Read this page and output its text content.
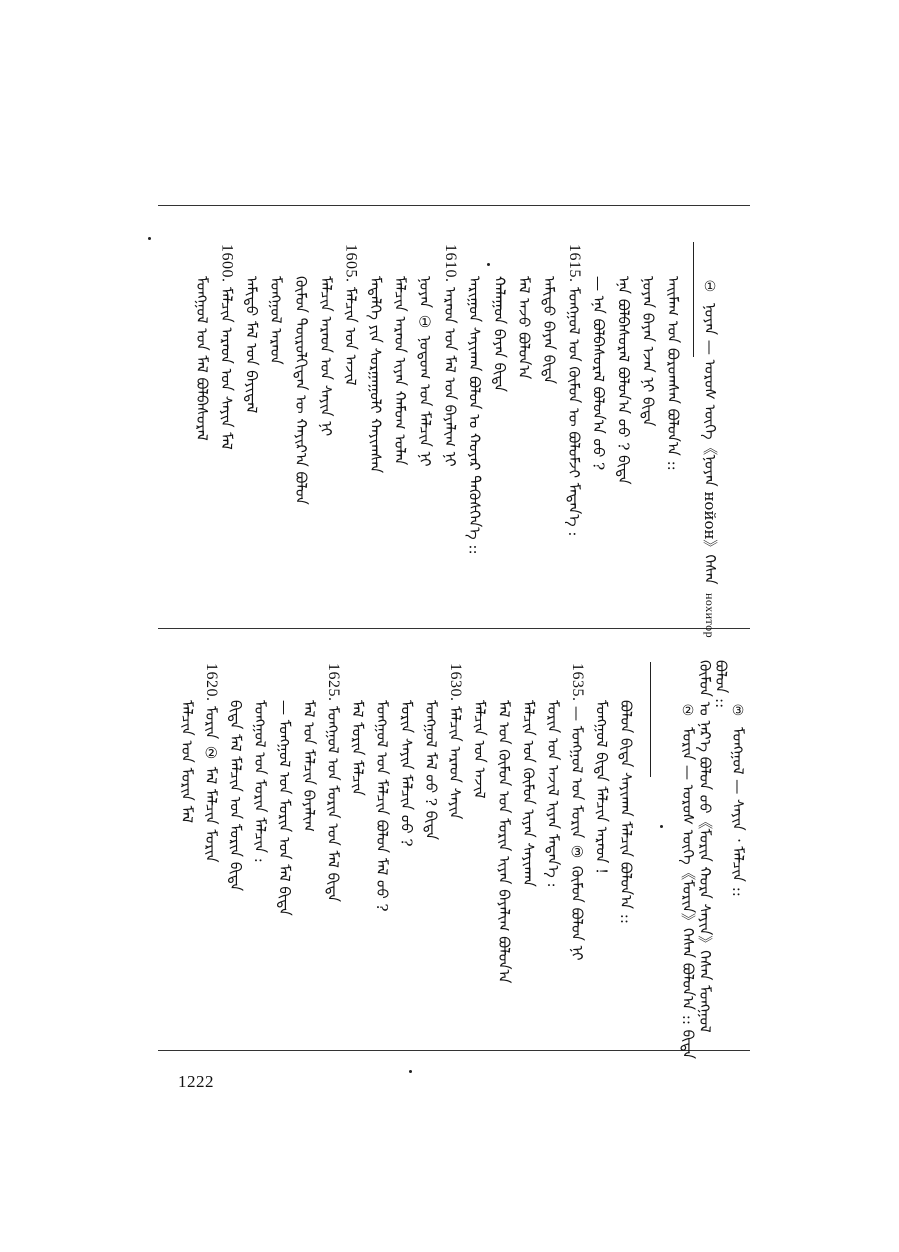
ᠠᠢᠮᠠᠭ ᠤᠨ ᠪᠣᠷᠣᠭᠰᠠᠨ ᠪᠣᠯᠤᠨ᠎ᠠ ::
ᠨᠣᠶᠠᠨ ᠪᠠᠶᠠᠨ ᠡᠵᠡᠨ ᠨᠢ ᠪᠢᠳᠡ
ᠡᠨᠡ ᠪᠣᠯᠪᠠᠰᠤᠷᠠᠯ ᠪᠣᠯᠤᠨ᠎ᠠ ᠤᠤ ? ᠪᠢᠳᠡ
— ᠡᠨᠡ ᠪᠣᠯᠪᠠᠰᠤᠷᠠᠯ ᠪᠣᠯᠤᠨ᠎ᠠ ᠤᠤ ?
1615.ᠮᠣᠩᠭᠣᠯ ᠤᠨ ᠬᠦᠮᠦᠨ ᠦ ᠪᠣᠯᠤᠮᠵᠢ ᠮᠡᠳᠡᠨ᠎ᠡ :
ᠠᠮᠢᠳᠤ ᠪᠠᠶᠠᠨ ᠪᠢᠳᠡ
ᠮᠠᠯ ᠠᠵᠤ ᠪᠣᠯᠤᠨ᠎ᠠ
ᠬᠠᠯᠠᠭᠤᠨ ᠪᠠᠶᠠᠨ ᠪᠢᠳᠡ
ᠠᠷᠢᠭᠤᠨ ᠰᠠᠶᠢᠬᠠᠨ ᠪᠣᠯᠤᠨ ᠤ ᠬᠣᠶᠠᠷ ᠲᠡᠭᠦᠰᠬᠡᠨ᠎ᠡ ::
1610.ᠠᠷᠠᠳ ᠤᠨ ᠮᠠᠯ ᠤᠨ ᠪᠠᠶᠠᠯᠢᠭ ᠨᠢ
ᠨᠣᠶᠠᠨ ① ᠨᠤᠲᠤᠭ ᠤᠨ ᠮᠠᠯᠴᠢᠨ ᠨᠢ
ᠮᠠᠯᠴᠢᠨ ᠠᠷᠠᠳ ᠢᠶᠠᠨ ᠬᠠᠮᠤᠭ ᠣᠯᠠᠨ
ᠮᠡᠳᠡᠯᠭᠡ ᠶᠢᠨ ᠰᠤᠷᠭᠠᠭᠤᠯᠢ ᠬᠠᠶᠢᠭᠰᠠᠨ
1605.ᠮᠠᠯᠴᠢᠨ ᠤᠨ ᠠᠵᠢᠯ
ᠮᠠᠯᠴᠢᠨ ᠠᠷᠠᠳ ᠤᠨ ᠰᠠᠶᠢᠨ ᠨᠢ
ᠬᠦᠮᠦᠨ ᠲᠦᠷᠦᠯᠬᠢᠲᠡᠨ ᠦ ᠬᠠᠶᠢᠷ᠎ᠠ ᠪᠣᠯᠤᠨ
ᠮᠣᠩᠭᠣᠯ ᠠᠷᠠᠳ
ᠠᠮᠢᠳᠤ ᠮᠠᠯ ᠤᠨ ᠪᠠᠶᠢᠳᠠᠯ
1600.ᠮᠠᠯᠴᠢᠨ ᠠᠷᠠᠳ ᠤᠨ ᠰᠠᠶᠢᠨ ᠮᠠᠯ
ᠮᠣᠩᠭᠣᠯ ᠤᠨ ᠮᠠᠯ ᠪᠣᠯᠪᠠᠰᠤᠷᠠᠯ	① ᠨᠣᠶᠠᠨ — ᠣᠷᠣᠰ ᠦᠭᠡ《ᠨᠣᠶᠠᠨ нойон》ᠭᠡᠰᠡᠨ нохитор
③ ᠮᠣᠩᠭᠣᠯ — ᠰᠠᠶᠢᠨ ᠂ ᠮᠠᠯᠴᠢᠨ ::
ᠬᠦᠮᠦᠨ ᠤ ᠨᠡᠷ᠎ᠡ ᠪᠣᠯᠤᠨ ᠤᠤ《ᠮᠣᠷᠢᠨ ᠬᠤᠷᠠ ᠰᠠᠶᠢᠨ》ᠭᠡᠰᠡᠨ ᠮᠣᠩᠭᠣᠯ
ᠪᠣᠯᠤᠨ ::
② ᠮᠣᠷᠢᠨ — ᠣᠷᠣᠰ ᠦᠭᠡ《ᠮᠣᠷᠢᠨ》ᠭᠡᠰᠡᠨ ᠪᠣᠯᠤᠨ᠎ᠠ :: ᠪᠢᠳᠡ
ᠪᠣᠯᠤᠨ ᠪᠢᠳᠡ ᠰᠠᠶᠢᠬᠠᠨ ᠮᠠᠯᠴᠢᠨ ᠪᠣᠯᠤᠨ᠎ᠠ ::
ᠮᠣᠩᠭᠣᠯ ᠪᠢᠳᠡ ᠮᠠᠯᠴᠢᠨ ᠠᠷᠠᠳ !
1635.— ᠮᠣᠩᠭᠣᠯ ᠤᠨ ᠮᠣᠷᠢᠨ ③ ᠬᠦᠮᠦᠨ ᠪᠣᠯᠤᠨ ᠨᠢ
ᠮᠣᠷᠢᠨ ᠤᠨ ᠠᠵᠢᠯ ᠢᠶᠠᠨ ᠮᠡᠳᠡᠨ᠎ᠡ :
ᠮᠠᠯᠴᠢᠨ ᠤᠨ ᠬᠦᠮᠦᠨ ᠢᠶᠠᠨ ᠰᠠᠶᠢᠬᠠᠨ
ᠮᠠᠯ ᠤᠨ ᠬᠦᠮᠦᠨ ᠤᠨ ᠮᠣᠷᠢᠨ ᠢᠶᠠᠨ ᠪᠠᠶᠠᠯᠢᠭ ᠪᠣᠯᠤᠨ᠎ᠠ
ᠮᠠᠯᠴᠢᠨ ᠤᠨ ᠠᠵᠢᠯ
1630.ᠮᠠᠯᠴᠢᠨ ᠠᠷᠠᠳ ᠰᠠᠶᠢᠨ
ᠮᠣᠩᠭᠣᠯ ᠮᠠᠯ ᠤᠤ ? ᠪᠢᠳᠡ
ᠮᠣᠷᠢᠨ ᠰᠠᠶᠢᠨ ᠮᠠᠯᠴᠢᠨ ᠤᠤ ?
ᠮᠣᠩᠭᠣᠯ ᠤᠨ ᠮᠠᠯᠴᠢᠨ ᠪᠣᠯᠤᠨ ᠮᠠᠯ ᠤᠤ ?
ᠮᠠᠯ ᠮᠣᠷᠢᠨ ᠮᠠᠯᠴᠢᠨ
1625.ᠮᠣᠩᠭᠣᠯ ᠤᠨ ᠮᠣᠷᠢᠨ ᠤᠨ ᠮᠠᠯ ᠪᠢᠳᠡ
ᠮᠠᠯ ᠤᠨ ᠮᠠᠯᠴᠢᠨ ᠪᠠᠶᠠᠯᠢᠭ
— ᠮᠣᠩᠭᠣᠯ ᠤᠨ ᠮᠣᠷᠢᠨ ᠤᠨ ᠮᠠᠯ ᠪᠢᠳᠡ
ᠮᠣᠩᠭᠣᠯ ᠤᠨ ᠮᠣᠷᠢᠨ ᠮᠠᠯᠴᠢᠨ :
ᠪᠢᠳᠡ ᠮᠠᠯ ᠮᠠᠯᠴᠢᠨ ᠤᠨ ᠮᠣᠷᠢᠨ ᠪᠢᠳᠡ
1620.ᠮᠣᠷᠢᠨ ② ᠮᠠᠯ ᠮᠠᠯᠴᠢᠨ ᠮᠣᠷᠢᠨ
ᠮᠠᠯᠴᠢᠨ ᠤᠨ ᠮᠣᠷᠢᠨ ᠮᠠᠯ
1222
